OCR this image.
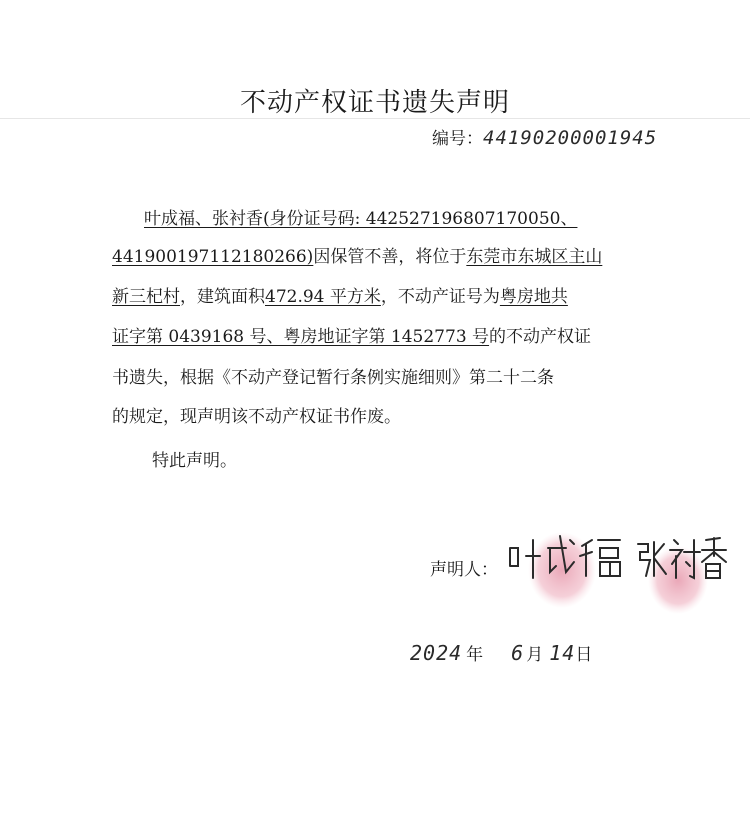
不动产权证书遗失声明
编号：44190200001945
叶成福、张衬香(身份证号码: 442527196807170050、
441900197112180266)因保管不善，将位于东莞市东城区主山
新三杞村，建筑面积472.94 平方米，不动产证号为粤房地共
证字第 0439168 号、粤房地证字第 1452773 号的不动产权证
书遗失，根据《不动产登记暂行条例实施细则》第二十二条
的规定，现声明该不动产权证书作废。
特此声明。
声明人：
2024 年 6 月 14日
